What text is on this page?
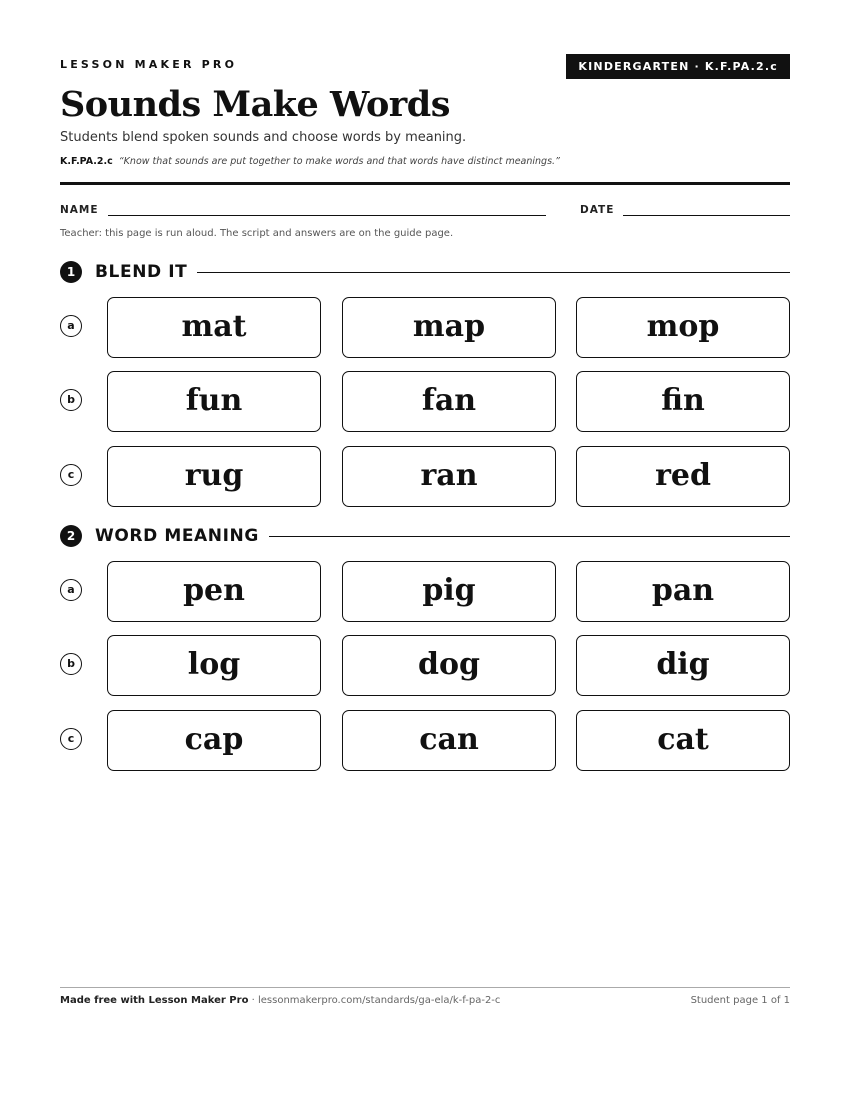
LESSON MAKER PRO	KINDERGARTEN · K.F.PA.2.c
Sounds Make Words
Students blend spoken sounds and choose words by meaning.
K.F.PA.2.c “Know that sounds are put together to make words and that words have distinct meanings.”
NAME	DATE
Teacher: this page is run aloud. The script and answers are on the guide page.
1	BLEND IT
a	mat	map	mop
b	fun	fan	fin
c	rug	ran	red
2	WORD MEANING
a	pen	pig	pan
b	log	dog	dig
c	cap	can	cat
Made free with Lesson Maker Pro · lessonmakerpro.com/standards/ga-ela/k-f-pa-2-c	Student page 1 of 1
